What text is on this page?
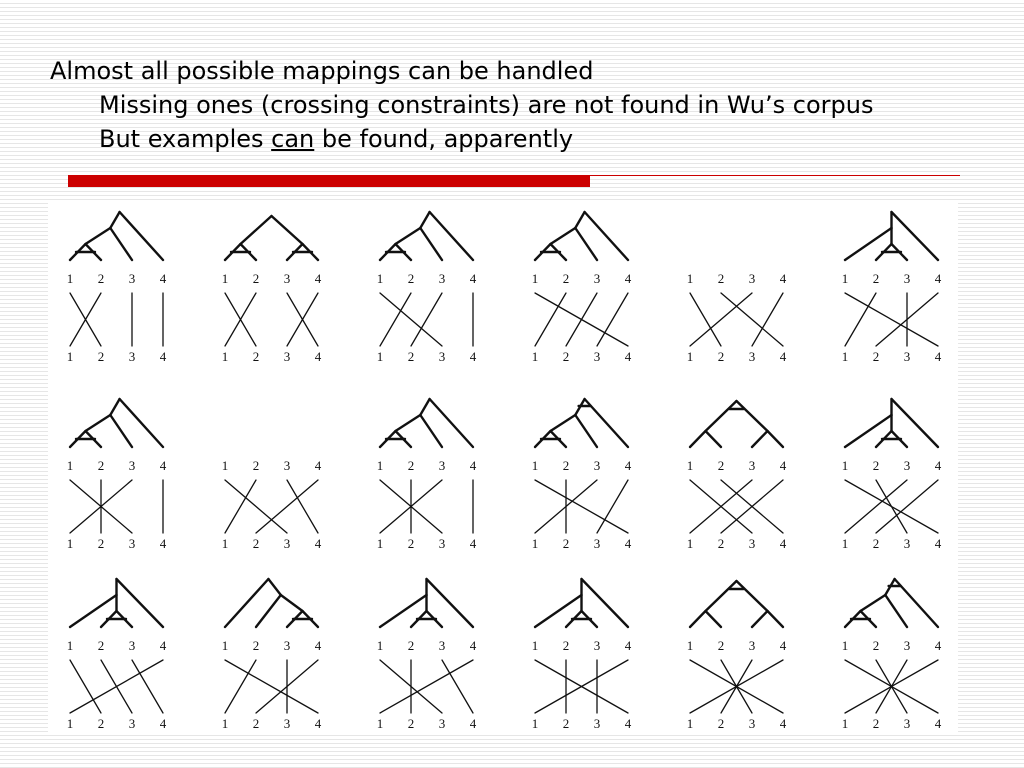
Almost all possible mappings can be handled
Missing ones (crossing constraints) are not found in Wu’s corpus
But examples can be found, apparently
1
1
2
2
3
3
4
4
1
1
2
2
3
3
4
4
1
1
2
2
3
3
4
4
1
1
2
2
3
3
4
4
1
1
2
2
3
3
4
4
1
1
2
2
3
3
4
4
1
1
2
2
3
3
4
4
1
1
2
2
3
3
4
4
1
1
2
2
3
3
4
4
1
1
2
2
3
3
4
4
1
1
2
2
3
3
4
4
1
1
2
2
3
3
4
4
1
1
2
2
3
3
4
4
1
1
2
2
3
3
4
4
1
1
2
2
3
3
4
4
1
1
2
2
3
3
4
4
1
1
2
2
3
3
4
4
1
1
2
2
3
3
4
4
